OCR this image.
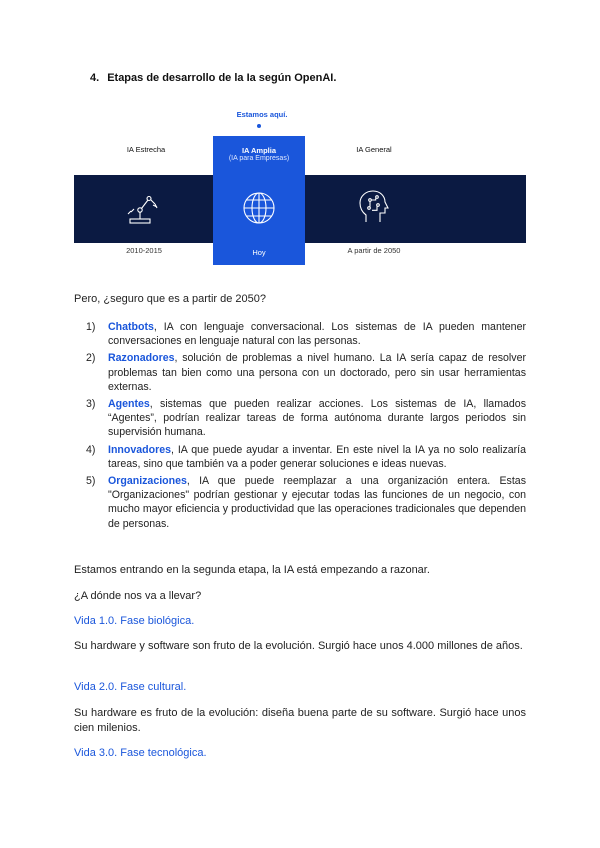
4. Etapas de desarrollo de la Ia según OpenAI.
Estamos aquí.
IA Estrecha	IA General
IA Amplia
(IA para Empresas)
Hoy
2010-2015	A partir de 2050
Pero, ¿seguro que es a partir de 2050?
1) Chatbots, IA con lenguaje conversacional. Los sistemas de IA pueden mantener conversaciones en lenguaje natural con las personas.
2) Razonadores, solución de problemas a nivel humano. La IA sería capaz de resolver problemas tan bien como una persona con un doctorado, pero sin usar herramientas externas.
3) Agentes, sistemas que pueden realizar acciones. Los sistemas de IA, llamados “Agentes”, podrían realizar tareas de forma autónoma durante largos periodos sin supervisión humana.
4) Innovadores, IA que puede ayudar a inventar. En este nivel la IA ya no solo realizaría tareas, sino que también va a poder generar soluciones e ideas nuevas.
5) Organizaciones, IA que puede reemplazar a una organización entera. Estas "Organizaciones" podrían gestionar y ejecutar todas las funciones de un negocio, con mucho mayor eficiencia y productividad que las operaciones tradicionales que dependen de personas.
Estamos entrando en la segunda etapa, la IA está empezando a razonar.
¿A dónde nos va a llevar?
Vida 1.0. Fase biológica.
Su hardware y software son fruto de la evolución. Surgió hace unos 4.000 millones de años.
Vida 2.0. Fase cultural.
Su hardware es fruto de la evolución: diseña buena parte de su software. Surgió hace unos cien milenios.
Vida 3.0. Fase tecnológica.
